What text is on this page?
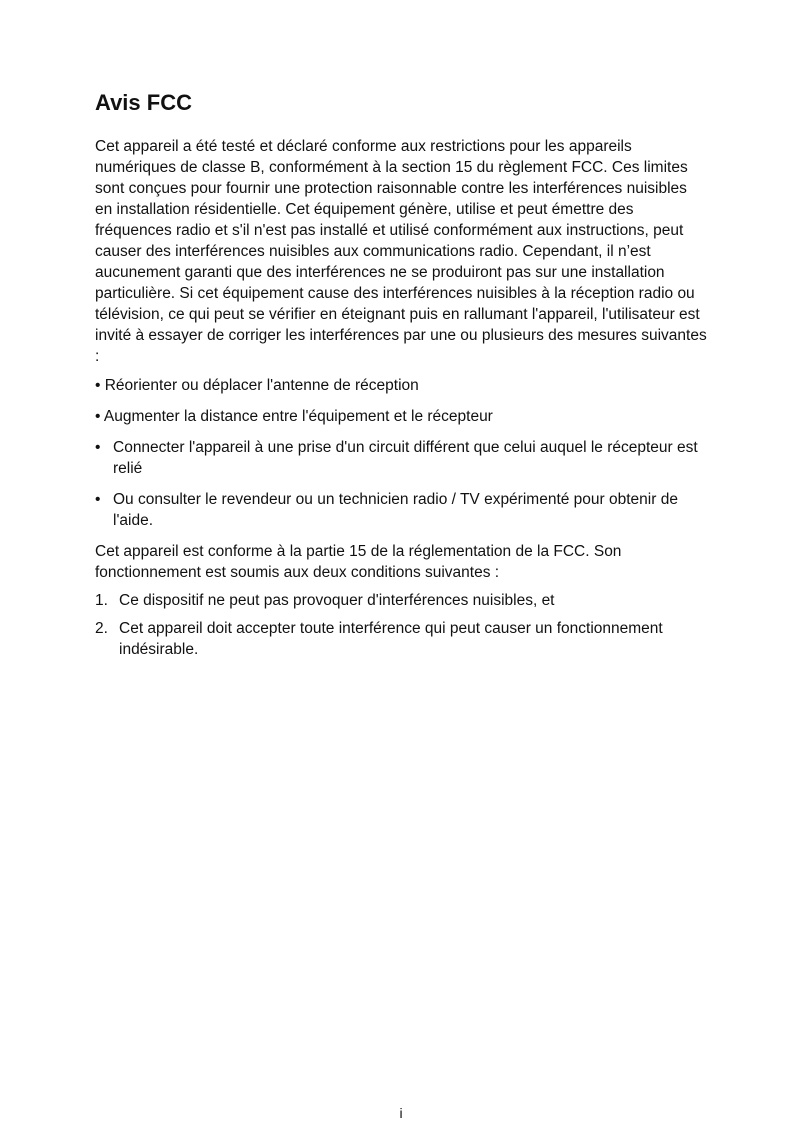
Avis FCC

Cet appareil a été testé et déclaré conforme aux restrictions pour les appareils numériques de classe B, conformément à la section 15 du règlement FCC. Ces limites sont conçues pour fournir une protection raisonnable contre les interférences nuisibles en installation résidentielle. Cet équipement génère, utilise et peut émettre des fréquences radio et s'il n'est pas installé et utilisé conformément aux instructions, peut causer des interférences nuisibles aux communications radio. Cependant, il n’est aucunement garanti que des interférences ne se produiront pas sur une installation particulière. Si cet équipement cause des interférences nuisibles à la réception radio ou télévision, ce qui peut se vérifier en éteignant puis en rallumant l'appareil, l'utilisateur est invité à essayer de corriger les interférences par une ou plusieurs des mesures suivantes :

• Réorienter ou déplacer l'antenne de réception
• Augmenter la distance entre l'équipement et le récepteur
• Connecter l'appareil à une prise d'un circuit différent que celui auquel le récepteur est relié
• Ou consulter le revendeur ou un technicien radio / TV expérimenté pour obtenir de l'aide.

Cet appareil est conforme à la partie 15 de la réglementation de la FCC. Son fonctionnement est soumis aux deux conditions suivantes :

1. Ce dispositif ne peut pas provoquer d'interférences nuisibles, et
2. Cet appareil doit accepter toute interférence qui peut causer un fonctionnement indésirable.
i
